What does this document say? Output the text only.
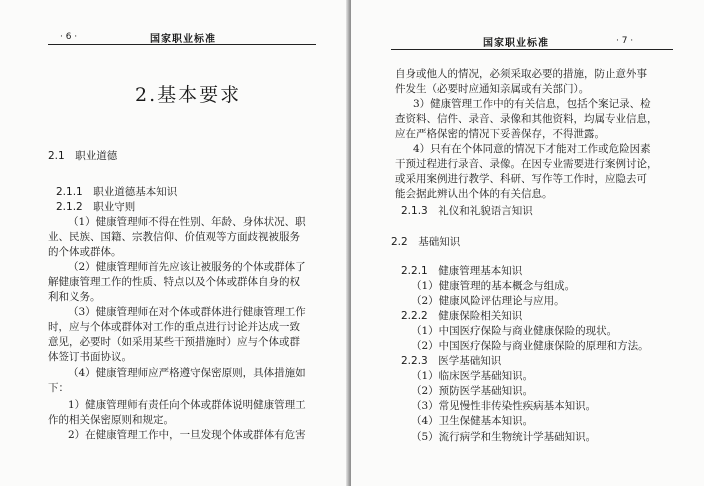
· 6 ·	国家职业标准
2.基本要求
2.1　职业道德
2.1.1　职业道德基本知识
2.1.2　职业守则
（1）健康管理师不得在性别、年龄、身体状况、职
业、民族、国籍、宗教信仰、价值观等方面歧视被服务
的个体或群体。
（2）健康管理师首先应该让被服务的个体或群体了
解健康管理工作的性质、特点以及个体或群体自身的权
利和义务。
（3）健康管理师在对个体或群体进行健康管理工作
时，应与个体或群体对工作的重点进行讨论并达成一致
意见，必要时（如采用某些干预措施时）应与个体或群
体签订书面协议。
（4）健康管理师应严格遵守保密原则，具体措施如
下：
1）健康管理师有责任向个体或群体说明健康管理工
作的相关保密原则和规定。
2）在健康管理工作中，一旦发现个体或群体有危害
国家职业标准	· 7 ·
自身或他人的情况，必须采取必要的措施，防止意外事
件发生（必要时应通知亲属或有关部门）。
3）健康管理工作中的有关信息，包括个案记录、检
查资料、信件、录音、录像和其他资料，均属专业信息，
应在严格保密的情况下妥善保存，不得泄露。
4）只有在个体同意的情况下才能对工作或危险因素
干预过程进行录音、录像。在因专业需要进行案例讨论，
或采用案例进行教学、科研、写作等工作时，应隐去可
能会据此辨认出个体的有关信息。
2.1.3　礼仪和礼貌语言知识
2.2　基础知识
2.2.1　健康管理基本知识
（1）健康管理的基本概念与组成。
（2）健康风险评估理论与应用。
2.2.2　健康保险相关知识
（1）中国医疗保险与商业健康保险的现状。
（2）中国医疗保险与商业健康保险的原理和方法。
2.2.3　医学基础知识
（1）临床医学基础知识。
（2）预防医学基础知识。
（3）常见慢性非传染性疾病基本知识。
（4）卫生保健基本知识。
（5）流行病学和生物统计学基础知识。
